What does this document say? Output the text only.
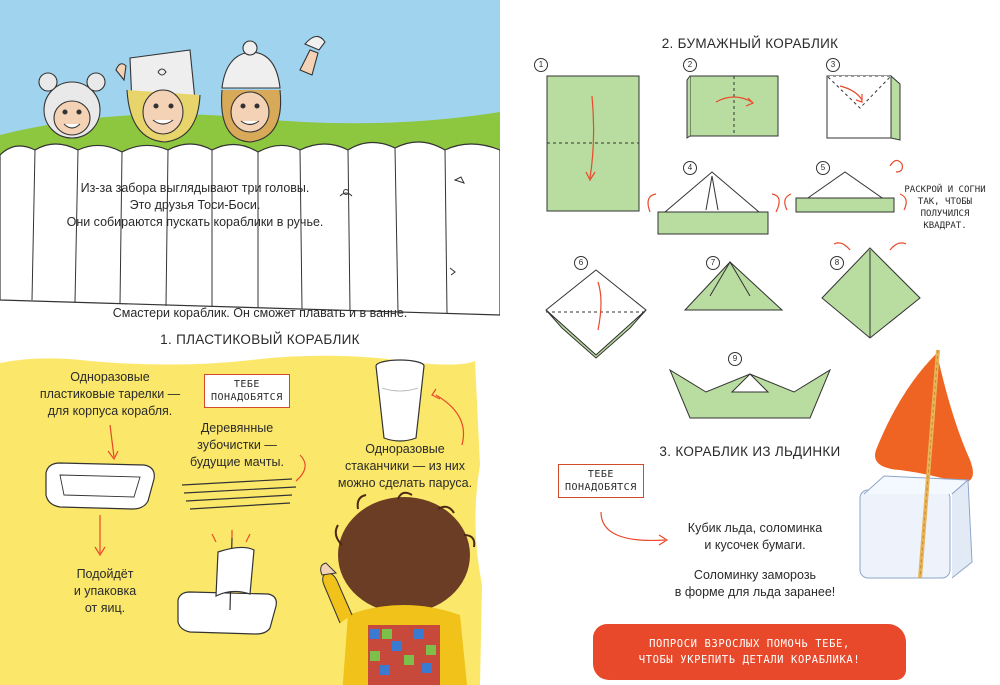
Из-за забора выглядывают три головы.
Это друзья Тоси-Боси.
Они собираются пускать кораблики в ручье.
Смастери кораблик. Он сможет плавать и в ванне.
1. ПЛАСТИКОВЫЙ КОРАБЛИК
ТЕБЕ
ПОНАДОБЯТСЯ
Одноразовые
пластиковые тарелки —
для корпуса корабля.
Деревянные
зубочистки —
будущие мачты.
Одноразовые
стаканчики — из них
можно сделать паруса.
Подойдёт
и упаковка
от яиц.
2. БУМАЖНЫЙ КОРАБЛИК
1	2	3
4	5
6	7	8
9
РАСКРОЙ И СОГНИ
ТАК, ЧТОБЫ
ПОЛУЧИЛСЯ
КВАДРАТ.
3. КОРАБЛИК ИЗ ЛЬДИНКИ
ТЕБЕ
ПОНАДОБЯТСЯ
Кубик льда, соломинка
и кусочек бумаги.
Соломинку заморозь
в форме для льда заранее!
ПОПРОСИ ВЗРОСЛЫХ ПОМОЧЬ ТЕБЕ,
ЧТОБЫ УКРЕПИТЬ ДЕТАЛИ КОРАБЛИКА!
